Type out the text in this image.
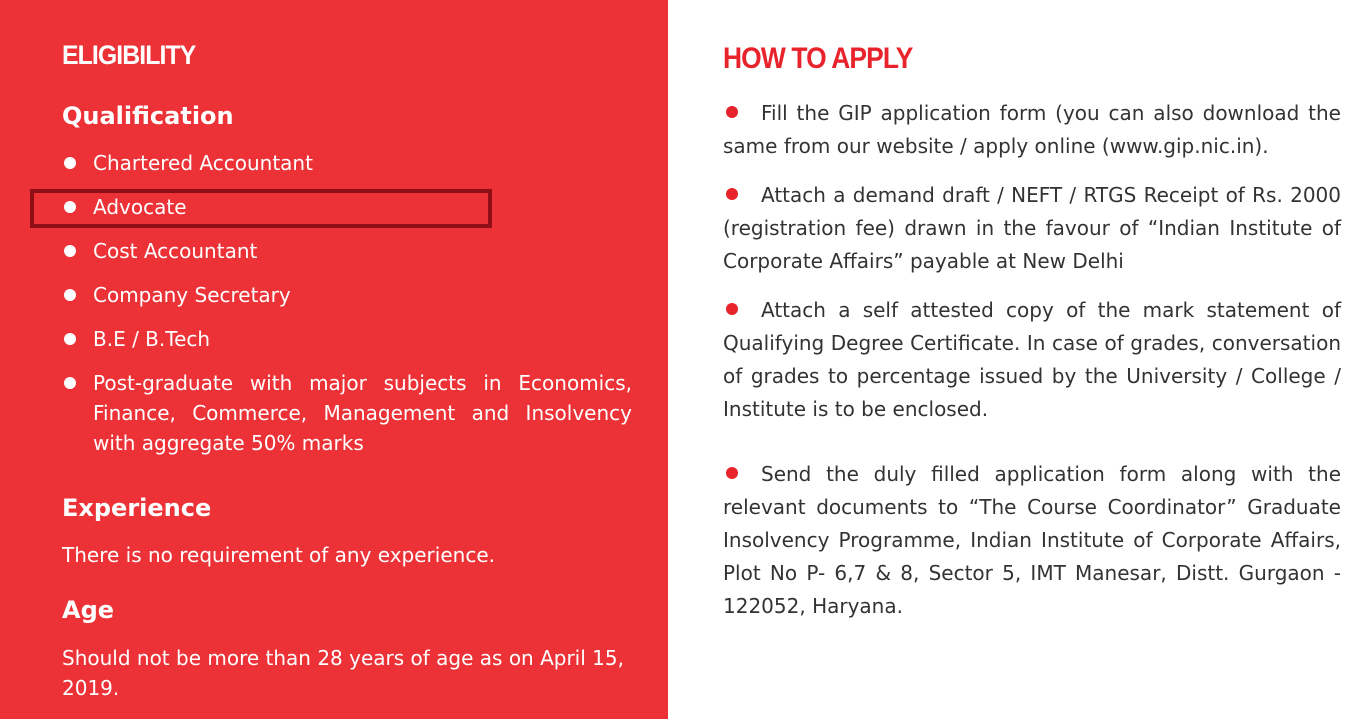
ELIGIBILITY
Qualification
Chartered Accountant
Advocate
Cost Accountant
Company Secretary
B.E / B.Tech
Post-graduate with major subjects in Economics, Finance, Commerce, Management and Insolvency with aggregate 50% marks
Experience

There is no requirement of any experience.

Age

Should not be more than 28 years of age as on April 15, 2019.

HOW TO APPLY

Fill the GIP application form (you can also download the same from our website / apply online (www.gip.nic.in).

Attach a demand draft / NEFT / RTGS Receipt of Rs. 2000 (registration fee) drawn in the favour of “Indian Institute of Corporate Affairs” payable at New Delhi

Attach a self attested copy of the mark statement of Qualifying Degree Certificate. In case of grades, conversation of grades to percentage issued by the University / College / Institute is to be enclosed.

Send the duly filled application form along with the relevant documents to “The Course Coordinator” Graduate Insolvency Programme, Indian Institute of Corporate Affairs, Plot No P- 6,7 & 8, Sector 5, IMT Manesar, Distt. Gurgaon - 122052, Haryana.
